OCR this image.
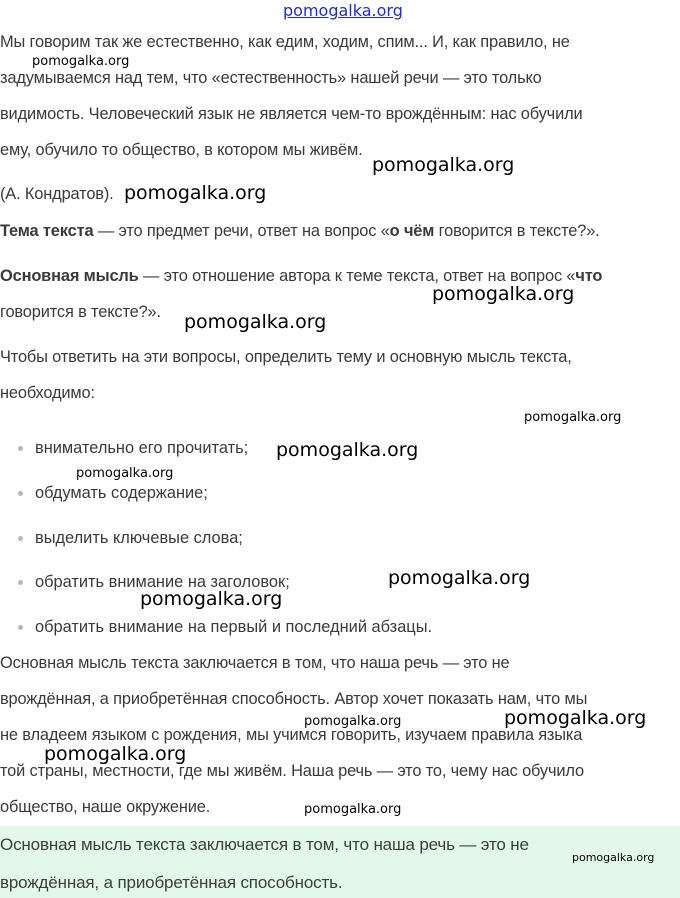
pomogalka.org
Мы говорим так же естественно, как едим, ходим, спим... И, как правило, не
задумываемся над тем, что «естественность» нашей речи — это только
видимость. Человеческий язык не является чем-то врождённым: нас обучили
ему, обучило то общество, в котором мы живём.
(А. Кондратов).
Тема текста — это предмет речи, ответ на вопрос «о чём говорится в тексте?».
Основная мысль — это отношение автора к теме текста, ответ на вопрос «что
говорится в тексте?».
Чтобы ответить на эти вопросы, определить тему и основную мысль текста,
необходимо:
внимательно его прочитать;
обдумать содержание;
выделить ключевые слова;
обратить внимание на заголовок;
обратить внимание на первый и последний абзацы.
Основная мысль текста заключается в том, что наша речь — это не
врождённая, а приобретённая способность. Автор хочет показать нам, что мы
не владеем языком с рождения, мы учимся говорить, изучаем правила языка
той страны, местности, где мы живём. Наша речь — это то, чему нас обучило
общество, наше окружение.
Основная мысль текста заключается в том, что наша речь — это не
врождённая, а приобретённая способность.
pomogalka.org
pomogalka.org
pomogalka.org
pomogalka.org
pomogalka.org
pomogalka.org
pomogalka.org
pomogalka.org
pomogalka.org
pomogalka.org
pomogalka.org	pomogalka.org
pomogalka.org
pomogalka.org
pomogalka.org
